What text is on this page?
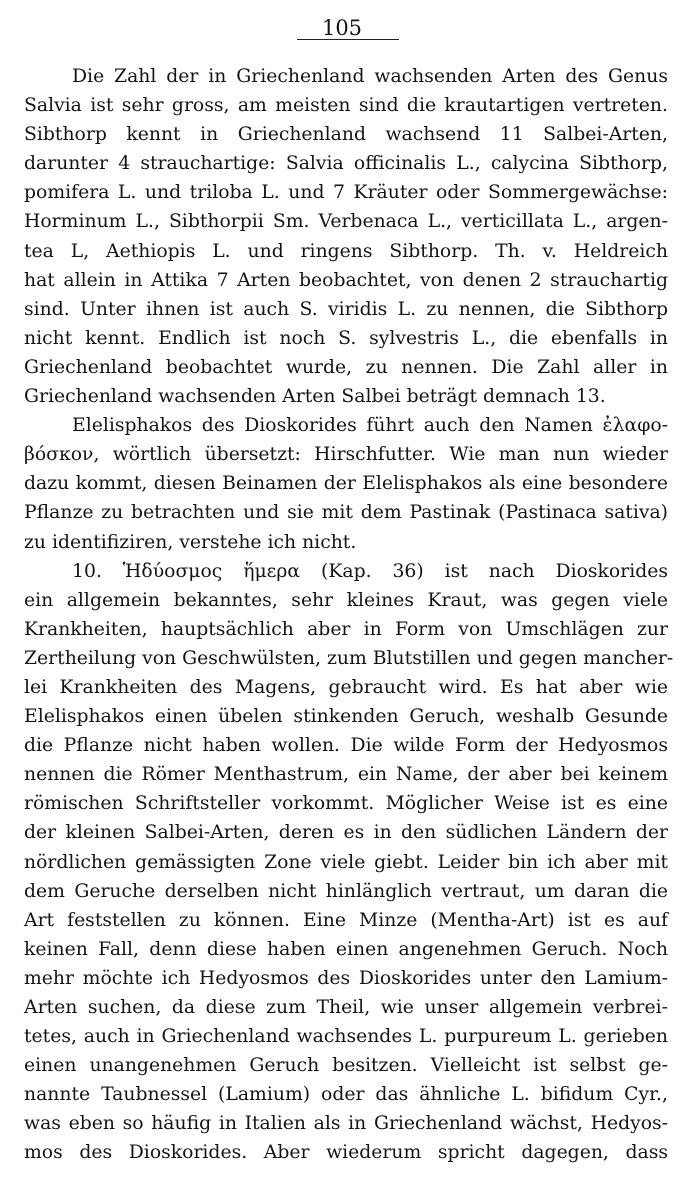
105
Die Zahl der in Griechenland wachsenden Arten des Genus
Salvia ist sehr gross, am meisten sind die krautartigen vertreten.
Sibthorp kennt in Griechenland wachsend 11 Salbei-Arten,
darunter 4 strauchartige: Salvia officinalis L., calycina Sibthorp,
pomifera L. und triloba L. und 7 Kräuter oder Sommergewächse:
Horminum L., Sibthorpii Sm. Verbenaca L., verticillata L., argen-
tea L, Aethiopis L. und ringens Sibthorp. Th. v. Heldreich
hat allein in Attika 7 Arten beobachtet, von denen 2 strauchartig
sind. Unter ihnen ist auch S. viridis L. zu nennen, die Sibthorp
nicht kennt. Endlich ist noch S. sylvestris L., die ebenfalls in
Griechenland beobachtet wurde, zu nennen. Die Zahl aller in
Griechenland wachsenden Arten Salbei beträgt demnach 13.
Elelisphakos des Dioskorides führt auch den Namen ἐλαφο-
βόσκον, wörtlich übersetzt: Hirschfutter. Wie man nun wieder
dazu kommt, diesen Beinamen der Elelisphakos als eine besondere
Pflanze zu betrachten und sie mit dem Pastinak (Pastinaca sativa)
zu identifiziren, verstehe ich nicht.
10. Ἡδύοσμος ἥμερα (Kap. 36) ist nach Dioskorides
ein allgemein bekanntes, sehr kleines Kraut, was gegen viele
Krankheiten, hauptsächlich aber in Form von Umschlägen zur
Zertheilung von Geschwülsten, zum Blutstillen und gegen mancher-
lei Krankheiten des Magens, gebraucht wird. Es hat aber wie
Elelisphakos einen übelen stinkenden Geruch, weshalb Gesunde
die Pflanze nicht haben wollen. Die wilde Form der Hedyosmos
nennen die Römer Menthastrum, ein Name, der aber bei keinem
römischen Schriftsteller vorkommt. Möglicher Weise ist es eine
der kleinen Salbei-Arten, deren es in den südlichen Ländern der
nördlichen gemässigten Zone viele giebt. Leider bin ich aber mit
dem Geruche derselben nicht hinlänglich vertraut, um daran die
Art feststellen zu können. Eine Minze (Mentha-Art) ist es auf
keinen Fall, denn diese haben einen angenehmen Geruch. Noch
mehr möchte ich Hedyosmos des Dioskorides unter den Lamium-
Arten suchen, da diese zum Theil, wie unser allgemein verbrei-
tetes, auch in Griechenland wachsendes L. purpureum L. gerieben
einen unangenehmen Geruch besitzen. Vielleicht ist selbst ge-
nannte Taubnessel (Lamium) oder das ähnliche L. bifidum Cyr.,
was eben so häufig in Italien als in Griechenland wächst, Hedyos-
mos des Dioskorides. Aber wiederum spricht dagegen, dass
